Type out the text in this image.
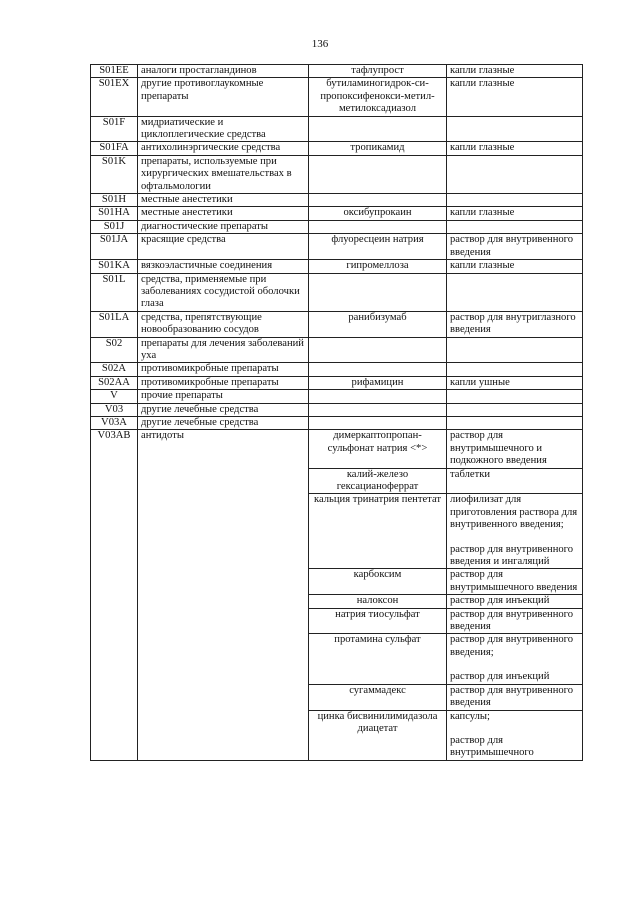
136
S01EE	аналоги простагландинов	тафлупрост	капли глазные

S01EX	другие противоглаукомные препараты	бутиламиногидрок-си-пропоксифенокси-метил-метилоксадиазол	капли глазные

S01F	мидриатические и циклоплегические средства		
S01FA	антихолинэргические средства	тропикамид	капли глазные

S01K	препараты, используемые при хирургических вмешательствах в офтальмологии		
S01H	местные анестетики		
S01HA	местные анестетики	оксибупрокаин	капли глазные

S01J	диагностические препараты		
S01JA	красящие средства	флуоресцеин натрия	раствор для внутривенного введения

S01KA	вязкоэластичные соединения	гипромеллоза	капли глазные

S01L	средства, применяемые при заболеваниях сосудистой оболочки глаза		
S01LA	средства, препятствующие новообразованию сосудов	ранибизумаб	раствор для внутриглазного введения

S02	препараты для лечения заболеваний уха		
S02A	противомикробные препараты		
S02AA	противомикробные препараты	рифамицин	капли ушные

V	прочие препараты		
V03	другие лечебные средства		
V03A	другие лечебные средства		
V03AB	антидоты	димеркаптопропан-сульфонат натрия <*>	раствор для внутримышечного и подкожного введения

		калий-железо гексацианоферрат	таблетки

		кальция тринатрия пентетат	лиофилизат для приготовления раствора для внутривенного введения;
раствор для внутривенного введения и ингаляций

		карбоксим	раствор для внутримышечного введения

		налоксон	раствор для инъекций

		натрия тиосульфат	раствор для внутривенного введения

		протамина сульфат	раствор для внутривенного введения;
раствор для инъекций

		сугаммадекс	раствор для внутривенного введения

		цинка бисвинилимидазола диацетат	капсулы;
раствор для внутримышечного
